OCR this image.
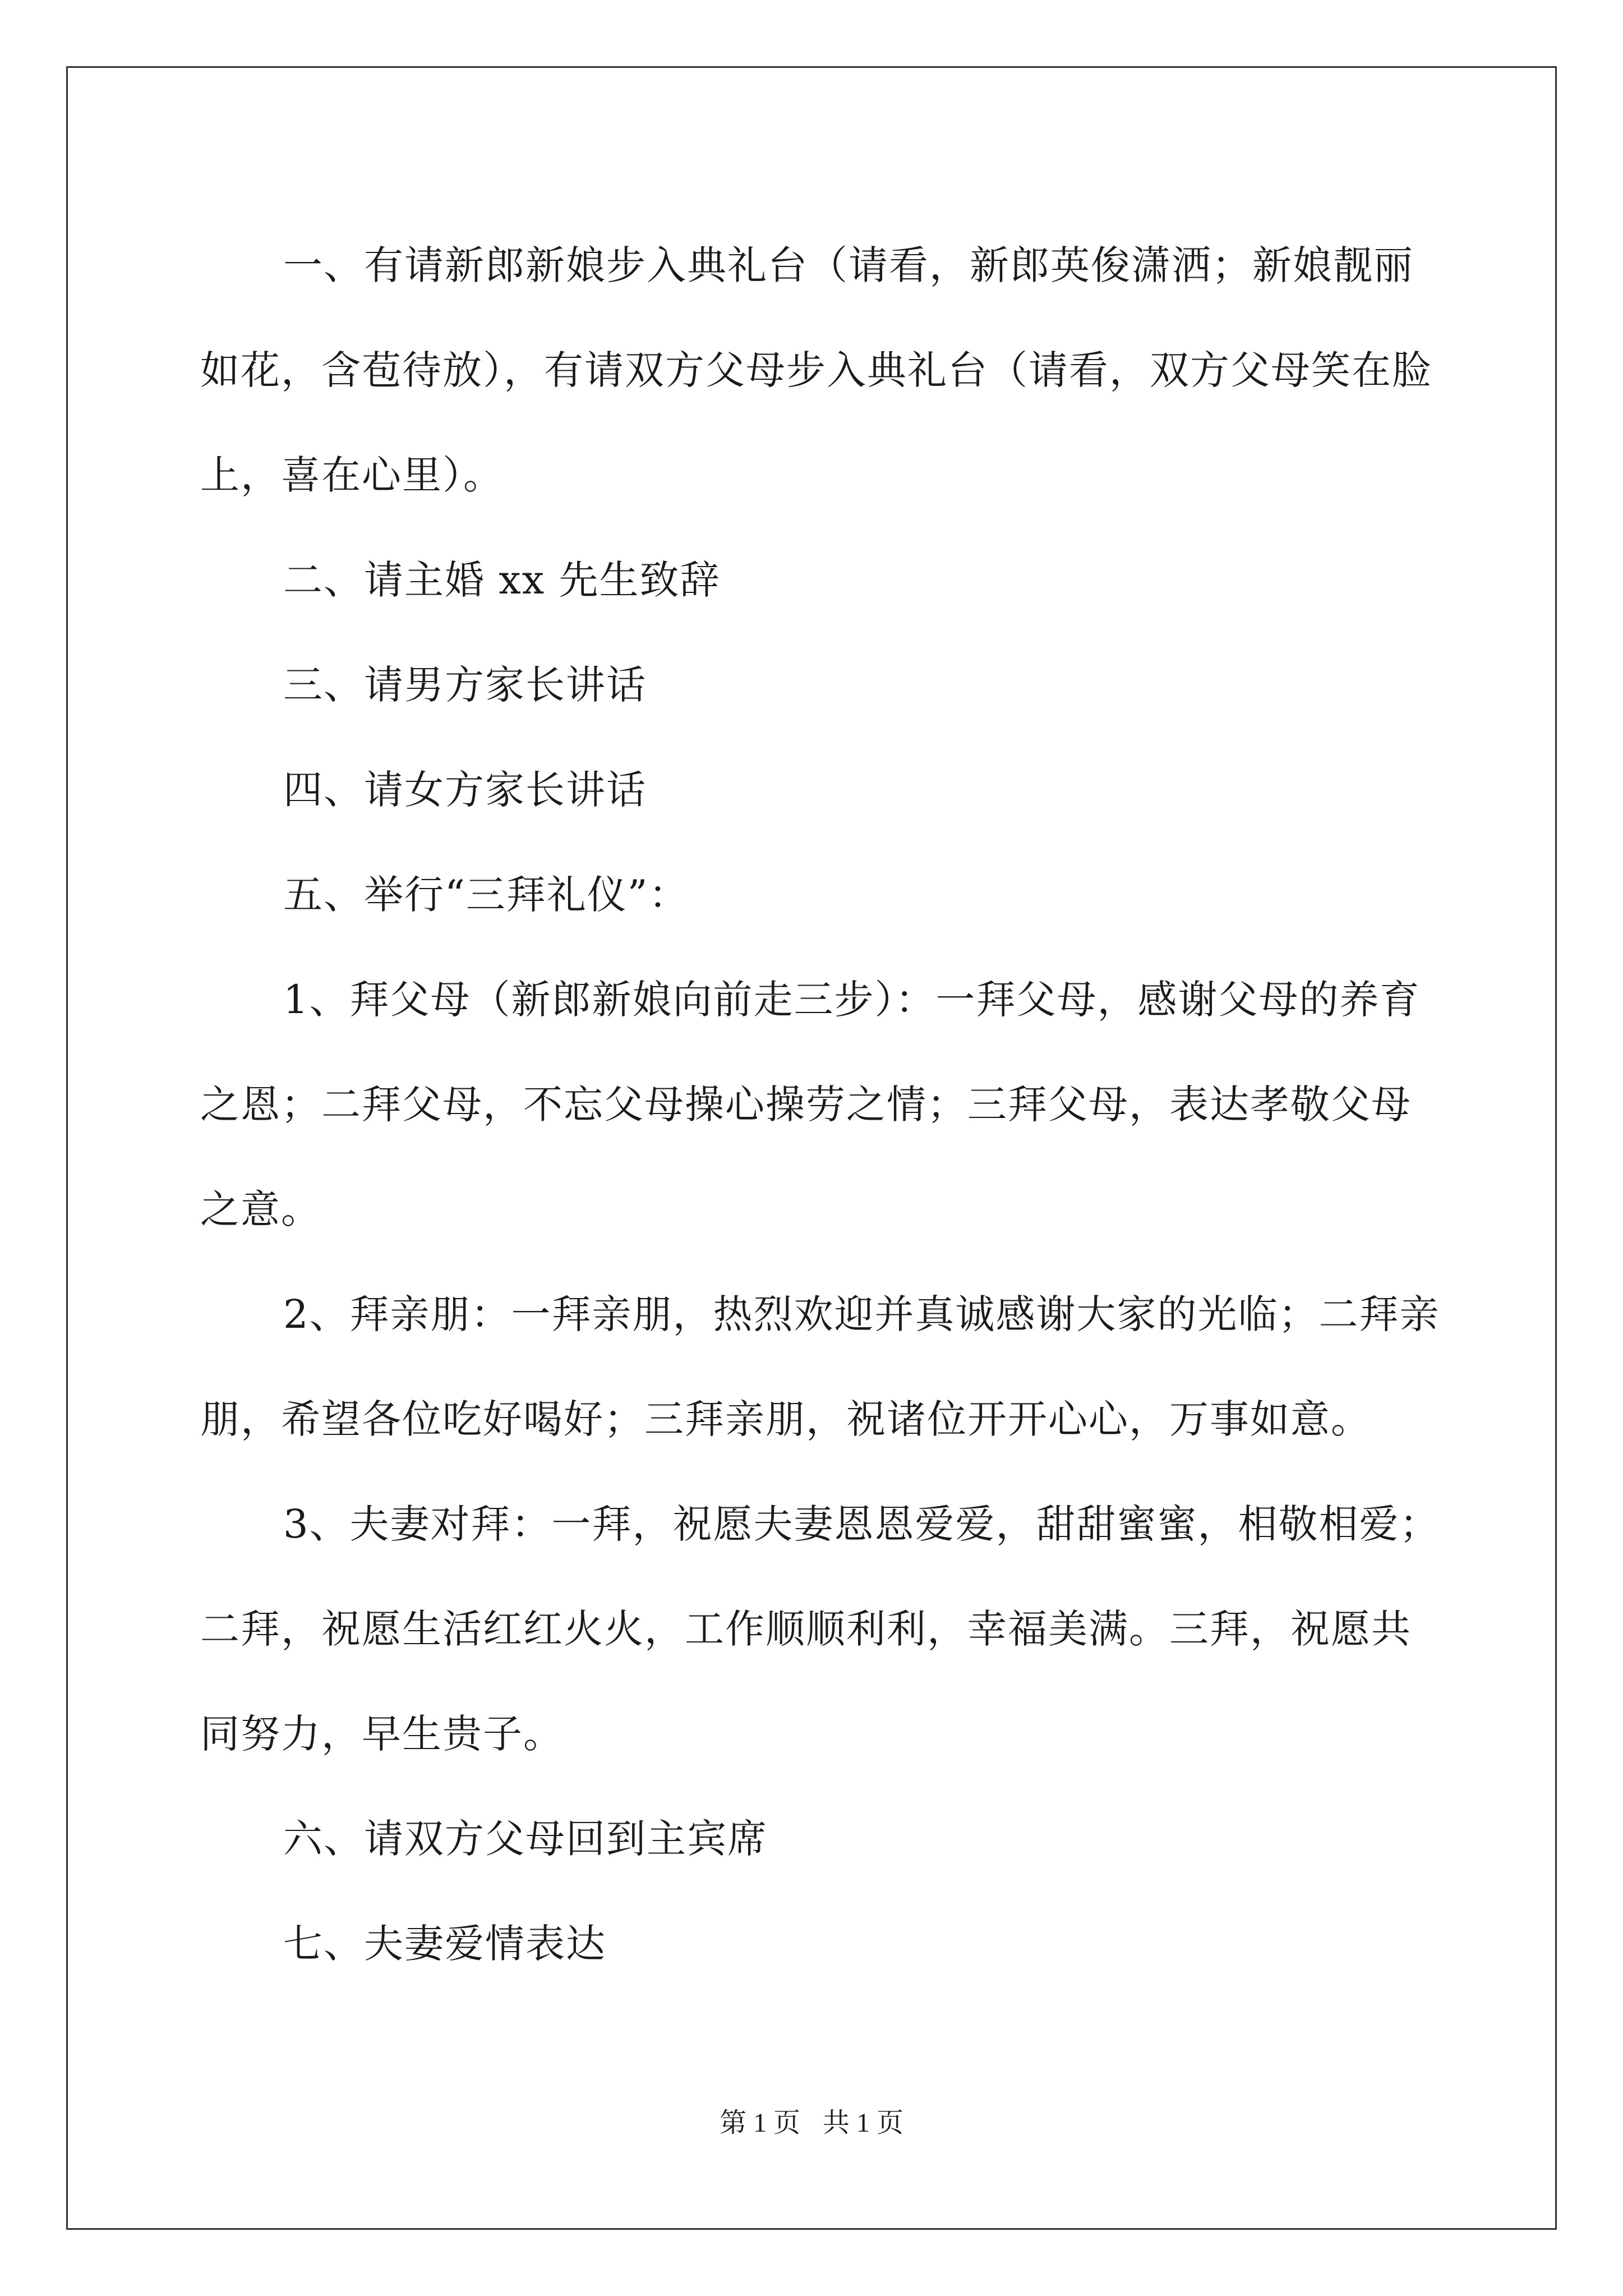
一、有请新郎新娘步入典礼台（请看，新郎英俊潇洒；新娘靓丽
如花，含苞待放），有请双方父母步入典礼台（请看，双方父母笑在脸
上，喜在心里）。

二、请主婚 xx 先生致辞

三、请男方家长讲话

四、请女方家长讲话

五、举行“三拜礼仪”：

1、拜父母（新郎新娘向前走三步）：一拜父母，感谢父母的养育
之恩；二拜父母，不忘父母操心操劳之情；三拜父母，表达孝敬父母
之意。

2、拜亲朋：一拜亲朋，热烈欢迎并真诚感谢大家的光临；二拜亲
朋，希望各位吃好喝好；三拜亲朋，祝诸位开开心心，万事如意。

3、夫妻对拜：一拜，祝愿夫妻恩恩爱爱，甜甜蜜蜜，相敬相爱；
二拜，祝愿生活红红火火，工作顺顺利利，幸福美满。三拜，祝愿共
同努力，早生贵子。

六、请双方父母回到主宾席

七、夫妻爱情表达

第 1 页 共 1 页
